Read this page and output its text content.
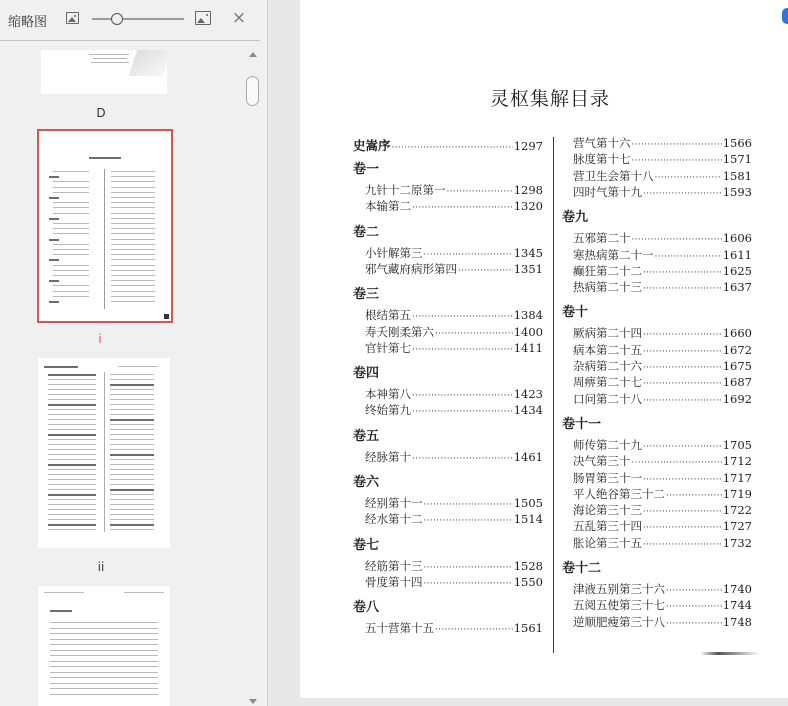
缩略图	×
D
i
ii
灵枢集解目录
史嵩序 ·····	1297
卷一
九针十二原第一 ·····	1298
本输第二 ·····	1320
卷二
小针解第三 ·····	1345
邪气藏府病形第四 ·····	1351
卷三
根结第五 ·····	1384
寿夭刚柔第六 ·····	1400
官针第七 ·····	1411
卷四
本神第八 ·····	1423
终始第九 ·····	1434
卷五
经脉第十 ·····	1461
卷六
经别第十一 ·····	1505
经水第十二 ·····	1514
卷七
经筋第十三 ·····	1528
骨度第十四 ·····	1550
卷八
五十营第十五 ·····	1561
营气第十六 ·····	1566
脉度第十七 ·····	1571
营卫生会第十八 ·····	1581
四时气第十九 ·····	1593
卷九
五邪第二十 ·····	1606
寒热病第二十一 ·····	1611
癫狂第二十二 ·····	1625
热病第二十三 ·····	1637
卷十
厥病第二十四 ·····	1660
病本第二十五 ·····	1672
杂病第二十六 ·····	1675
周痹第二十七 ·····	1687
口问第二十八 ·····	1692
卷十一
师传第二十九 ·····	1705
决气第三十 ·····	1712
肠胃第三十一 ·····	1717
平人绝谷第三十二 ·····	1719
海论第三十三 ·····	1722
五乱第三十四 ·····	1727
胀论第三十五 ·····	1732
卷十二
津液五别第三十六 ·····	1740
五阅五使第三十七 ·····	1744
逆顺肥瘦第三十八 ·····	1748
